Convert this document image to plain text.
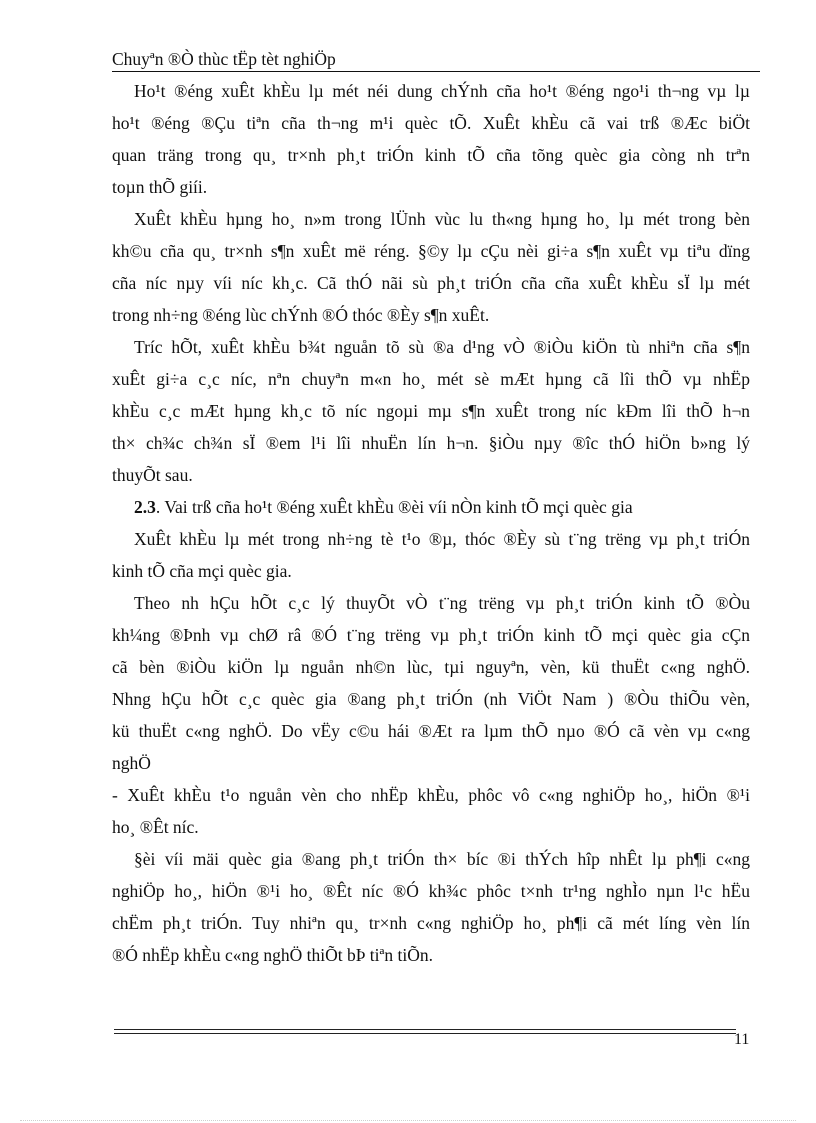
Chuyªn ®Ò thùc tËp tèt nghiÖp
Ho¹t ®éng xuÊt khÈu lµ mét néi dung chÝnh cña ho¹t ®éng ngo¹i th¬ng vµ lµ
ho¹t ®éng ®Çu tiªn cña th¬ng m¹i quèc tÕ. XuÊt khÈu cã vai trß ®Æc biÖt
quan träng trong qu¸ tr×nh ph¸t triÓn kinh tÕ cña tõng quèc gia còng nh trªn
toµn thÕ giíi.
XuÊt khÈu hµng ho¸ n»m trong lÜnh vùc lu th«ng hµng ho¸ lµ mét trong bèn
kh©u cña qu¸ tr×nh s¶n xuÊt më réng. §©y lµ cÇu nèi gi÷a s¶n xuÊt vµ tiªu dïng
cña níc nµy víi níc kh¸c. Cã thÓ nãi sù ph¸t triÓn cña cña xuÊt khÈu sÏ lµ mét
trong nh÷ng ®éng lùc chÝnh ®Ó thóc ®Èy s¶n xuÊt.
Tríc hÕt, xuÊt khÈu b¾t nguån tõ sù ®a d¹ng vÒ ®iÒu kiÖn tù nhiªn cña s¶n
xuÊt gi÷a c¸c níc, nªn chuyªn m«n ho¸ mét sè mÆt hµng cã lîi thÕ vµ nhËp
khÈu c¸c mÆt hµng kh¸c tõ níc ngoµi mµ s¶n xuÊt trong níc kÐm lîi thÕ h¬n
th× ch¾c ch¾n sÏ ®em l¹i lîi nhuËn lín h¬n. §iÒu nµy ®îc thÓ hiÖn b»ng lý
thuyÕt sau.
2.3. Vai trß cña ho¹t ®éng xuÊt khÈu ®èi víi nÒn kinh tÕ mçi quèc gia
XuÊt khÈu lµ mét trong nh÷ng tè t¹o ®µ, thóc ®Èy sù t¨ng trëng vµ ph¸t triÓn
kinh tÕ cña mçi quèc gia.
Theo nh hÇu hÕt c¸c lý thuyÕt vÒ t¨ng trëng vµ ph¸t triÓn kinh tÕ ®Òu
kh¼ng ®Þnh vµ chØ râ ®Ó t¨ng trëng vµ ph¸t triÓn kinh tÕ mçi quèc gia cÇn
cã bèn ®iÒu kiÖn lµ nguån nh©n lùc, tµi nguyªn, vèn, kü thuËt c«ng nghÖ.
Nhng hÇu hÕt c¸c quèc gia ®ang ph¸t triÓn (nh ViÖt Nam ) ®Òu thiÕu vèn,
kü thuËt c«ng nghÖ. Do vËy c©u hái ®Æt ra lµm thÕ nµo ®Ó cã vèn vµ c«ng
nghÖ
- XuÊt khÈu t¹o nguån vèn cho nhËp khÈu, phôc vô c«ng nghiÖp ho¸, hiÖn ®¹i
ho¸ ®Êt níc.
§èi víi mäi quèc gia ®ang ph¸t triÓn th× bíc ®i thÝch hîp nhÊt lµ ph¶i c«ng
nghiÖp ho¸, hiÖn ®¹i ho¸ ®Êt níc ®Ó kh¾c phôc t×nh tr¹ng nghÌo nµn l¹c hËu
chËm ph¸t triÓn. Tuy nhiªn qu¸ tr×nh c«ng nghiÖp ho¸ ph¶i cã mét líng vèn lín
®Ó nhËp khÈu c«ng nghÖ thiÕt bÞ tiªn tiÕn.
11
